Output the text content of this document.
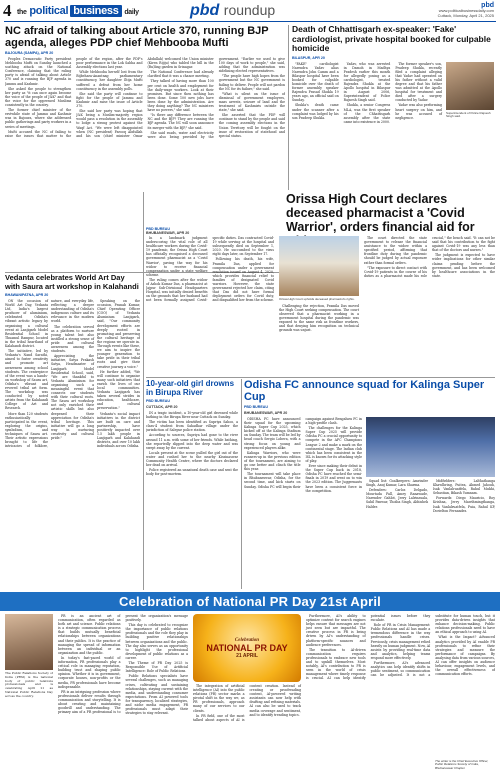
4 the political business daily	pbd roundup	pbd
www.politicalbusinessdaily.com
Cuttack, Monday, April 21, 2025
NC afraid of talking about Article 370, running BJP agenda, alleges PDP chief Mehbooba Mufti
BAJOURA (SAMPA), APR 20

Peoples Democratic Party president Mehbooba Mufti on Sunday launched a scathing attack on the National Conference, claiming that the ruling party is afraid of talking about Article 370 and is running the BJP agenda in Jammu and Kashmir.

She asked the people to strengthen her party as "it can once again become the voice of the people of J&K" and that the voice for the oppressed Muslims consistently in the country.

The former chief minister of the erstwhile state of Jammu and Kashmir was in Bajoura, where she addressed public gatherings and party workers in a series of meetings.

Mufti accused the NC of failing to raise the issues that matter to the people of the region, after the PDP's poor performance in the Lok Sabha and Assembly elections last year.

While Mehbooba herself lost from the Bijbehara-Anantnag parliamentary constituency, her daughter Iltija Mufti suffered a defeat from her home constituency in the assembly polls.

She said the party will continue to fight for the people of Jammu and Kashmir and raise the issue of Article 370.

She said her party was hoping that J&K being a Muslim-majority region would pass a resolution in the assembly to lodge a strong protest against the Waqf Act. "We were left disappointed when (NC president) Farooq Abdullah and his son (chief minister Omar Abdullah) welcomed the Union minister (Kiren Rijiju) who tabled the bill in the (Ru)ling garden in Srinagar.

The National Conference had already clarified that it was a chance meeting.

They talked of having more than 100 per cent on health and employment for the daily-wage workers. Look at their promises. But since then nothing has been done. Some 100 new jobs have been done by the administration. Are they doing anything? The NC ministers have no powers," she said.

"Is there any difference between the NC and the BJP? They are running the BJP agenda. The NC will soon announce its merger with the BJP," she said.

She said roads, water and electricity were also being provided by the government. "Earlier we used to give 100 days of work to people," she said, adding that the administration was sidelining elected representatives.

"The people have high hopes from the government but the NC government is failing to deliver. People will not pardon the NC for its failure," she said.

"What is silent on the issue of dismissal of government employees, mass arrests, seizure of land and the treatment of Kashmiris outside the state," she said.

She asserted that the PDP will continue to stand by the people and said the coming assembly elections in the Union Territory will be fought on the issue of restoration of statehood and special status.

Death of Chhattisgarh ex-speaker: 'Fake' cardiologist, private hospital booked for culpable homicide
BILASPUR, APR 20

"FAKE" cardiologist Narendra Yadav alias Narendra John Camm and a Bilaspur hospital have been booked for culpable homicide over the death of former assembly speaker Rajendra Prasad Shukla 19 years ago, an official said on Sunday.

Shukla's death came under the scanner after a complaint was lodged by his son Pradeep Shukla.

Yadav, who was arrested in Damoh in Madhya Pradesh earlier this month for allegedly posing as a cardiologist, treated Rajendra Shukla at the Apollo hospital in Bilaspur in August 2006, Superintendent of Police Rajnesh Singh said.

Shukla, a senior Congress MLA, was the first speaker of the Chhattisgarh assembly after the state came into existence in 2000.

The former speaker's son, Pradeep Shukla, recently filed a complaint alleging that Yadav had operated on his father without a valid degree and that his father was admitted at the Apollo hospital for treatment and died after a surgery conducted by Yadav.

Yadav was also performing heart surgery on him, and he was accused of negligence.

Superintendent of Police Rajnesh Singh said.
Vedanta celebrates World Art Day with Saura art workshop in Kalahandi
BHAWANIPATNA, APR 20

ON the occasion of World Art Day, Vedanta Ltd, India's largest producer of aluminium, celebrated Odisha's vibrant artistic legacy by organising a cultural event at Lanjigarh Model Residential School in Thuamul Rampur, located in the tribal heartland of Kalahandi district.

The initiative, led by Vedanta's Nand Sarathi, aimed to foster creativity and promote art awareness among school students. The centrepiece of the event was a hands-on workshop of Saura art, Odisha's vibrant and revered tribal art form. The workshop was conducted by noted artists from the Kalahandi College of Art and Research.

More than 120 students enthusiastically participated in the event, exploring the origins, symbolism, and techniques of Saura art. Their artistic expressions brought to life the intricacies of folklore, nature, and everyday life, reflecting a deeper understanding of Odisha's indigenous culture and its relevance in the modern world.

The celebration served as a platform to nurture young talent but also instilled a strong sense of pride and cultural awareness among the students.

Appreciating the initiative, Satya Prakash Satya, Headmaster of Lanjigarh Model Residential School, said, "We are thankful to Vedanta Aluminium for organising such a meaningful event that connects our students with their cultural roots. The Saura art workshop not only enriched their artistic skills but also deepened their appreciation for Odisha's tribal heritage. This initiative will go a long way in nurturing creativity and cultural pride."

Speaking on the occasion, Pranab Kumar, Chief Operating Officer (COO) of Vedanta Aluminium Lanjigarh, said, "Our community development efforts are deeply rooted in promoting and preserving the cultural heritage of the regions we operate in. Through events like these, we aim to inspire the younger generation to take pride in their tribal roots and give their creative journey a voice."

He further added, "We will continue to organise many such initiatives that enrich the lives of our local communities. Vedanta Lanjigarh has taken several strides in education, healthcare, and cultural preservation."

Vedanta's social impact initiatives in the district are built on care and partnership, have positively impacted over 1.5 lakh people in Lanjigarh and Kalahandi districts, and over 10 lakh individuals across Odisha.

Orissa High Court declares deceased pharmacist a 'Covid Warrior', orders financial aid for
PBD BUREAU
BHUBANESWAR, APR 20

In a landmark judgment underscoring the vital role of all healthcare workers during the Covid-19 pandemic, the Orissa High Court has officially recognised a deceased government pharmacist as a 'Covid Warrior', paving the way for his widow to receive financial compensation under a state welfare scheme.

The ruling comes after the widow of Ashok Kumar Das, a pharmacist at Jajpur Sub-Divisional Headquarters Hospital, was initially denied benefits on the grounds that her husband had not been formally assigned Covid-specific duties. Das contracted Covid-19 while serving at the hospital and subsequently died on September 1, 2020. He succumbed to the virus eight days later, on September 17.

Following his death, his wife, Pramila Das, applied for compensation under a government resolution issued on August 4, 2020, which provides financial relief to families of designated Covid warriors. However, the state government rejected her claim, citing that Das did not have formal deployment orders for Covid duty, and disqualified her from the scheme. Orissa High Court upholds deceased pharmacist's rights.

Challenging the rejection, Pramila Das moved the High Court seeking compensation. The court observed that a pharmacist working in a government hospital during the pandemic was exposed to the same risk as frontline workers, and that denying him recognition on technical grounds was unjust.

The court directed the state government to release the financial assistance to the widow within a specified period, affirming that frontline duty during the pandemic should be judged by actual exposure rather than formal orders.

"The exposure to direct contact with Covid-19 patients in the course of his duties as a pharmacist made his role crucial," the bench said. "It can not be said that his contribution to the fight against Covid-19 was any less than that of the doctors and nurses."

The judgment is expected to have wider implications for other similar claims pending before the government, and has been welcomed by healthcare associations in the state.

10-year-old girl drowns in Birupa River
PBD BUREAU
CUTTACK, APR 20

IN a tragic incident, a 10-year-old girl drowned while bathing in the Birupa River near Cuttack on Sunday.

The victim has been identified as Supriya Sahoo, a class-4 student from Sahadhar village under the jurisdiction of Salepur police station.

According to sources, Supriya had gone to the river around 11 a.m. with some of her friends. While bathing, she reportedly slipped into the deep water and was swept away by the current.

Locals present at the scene pulled the girl out of the water and rushed her to the nearby Kissinaswar Community Health Centre, where the doctors declared her dead on arrival.

Police registered an unnatural death case and sent the body for post-mortem.

Odisha FC announce squad for Kalinga Super Cup
PBD BUREAU
BHUBANESWAR, APR 20

ODISHA FC have announced their squad for the upcoming Kalinga Super Cup 2025, which kicked off at the Kalinga Stadium on Sunday. The team will be led by head coach Sergio Lobera, with a strong focus on young and experienced players alike.

Kalinga Warriors, who were runners-up in the previous edition of the tournament, are aiming to go one better and clinch the title this year.

The tournament will take place in Bhubaneswar, Odisha, for the second time, and kick starts on Sunday. Odisha FC will begin their campaign against Bengaluru FC in a high-profile clash.

The challenges for the Kalinga Super Cup 2025 will provide Odisha FC a crucial opportunity to compete in the AFC Champions League 2 and make a mark on the continental stage. The Indian club which has been consistent in the ISL is known for its attacking style of play.

Ever since making their debut in the Super Cup back in 2018, Odisha FC have reached the semi-finals in 2019 and went on to win the 2023 edition. The Juggernauts have been a consistent force in the competition.

Squad list: Goalkeepers: Amrinder Singh, Anuj Kumar, Lara Sharma.

Defenders: Carlos Delgado, Mourtada Fall, Amey Ranawade, Narender Gahlot, Jerry Lalrinzuala, Sahil Panwar, Thoiba Singh, Abhishek Halder.

Midfielders: Lalthathanga Khawlhring, Puitea, Ahmed Jahouh, Isak Vanlalruatfela, Rahul Mukhi, Sebastian, Bikash Yumnam.

Forwards: Diego Mauricio, Roy Krishna, Jerry Mawihmingthanga, Isak Vanlalruatfela, Puia, Rahul KP, Dorielton Fernandes.

Celebration of National PR Day 21st April
The Public Relations Society of India (PRSI) is the national body of public relations professionals and is celebrating April 21 as National Public Relations Day across the country.

PR is an ancient art of communication, often regarded as both art and science. Public relations is a strategic communication process that builds mutually beneficial relationships between organizations and their publics. It is the practice of managing the spread of information between an individual or an organization and the public.

In today's fast-paced world of information, PR professionals play a critical role in managing reputation, building trust and shaping public opinion. Whether it is in government, corporate houses, non-profits or the media, PR professionals have become indispensable.

PR is an intriguing profession where professionals deliver results through communication and storytelling. It is about creating and maintaining goodwill and understanding. The primary aim of a PR professional is to present the organization's message positively.

This day is celebrated to recognize the importance of public relations professionals and the role they play in building positive relationships between organizations and the public. The day also serves as an opportunity to highlight the professional development of public relations as a career.

The Theme of PR Day 2025 is Responsible Use of Artificial Intelligence: Role of Public Relations.

Public Relations specialists have several challenges, such as managing crises, cultivating and sustaining relationships, staying current with the media, and understanding consumer expectations. From AI powered tools for transparency, localised strategies, and niche media engagement, PR professionals must adapt their strategies to stay relevant.

Celebration
NATIONAL PR DAY
21 APRIL

The integration of artificial intelligence (AI) into the public relations (PR) sector marks a pivotal shift in the way we, as PR professionals, approach many of our services to our clients.

In PR field, one of the most talked about aspects of AI is content creation. Instead of creating or proofreading content, AI-powered writing assistants can now help with drafting and refining materials. AI can also be used to track media coverage and sentiment, and to identify trending topics.

Furthermore, AI's ability to optimize content for search engines helps ensure that messages are not just seen but are impactful. The creative process in PR is being driven by AI's understanding of platform-specific nuances and audience preferences.

The transition to AI-driven communication requires professionals to embrace new tools and to upskill themselves. Most notably, AI's contribution to PR is seen in the world of crisis management where timely response is crucial. AI can help identify potential issues before they escalate.

Role of PR in Crisis Management: Public Relations and AI has made a tremendous difference in the way professionals handle crises. Previously, crisis management relied heavily on human judgment. Now, AI assists by providing real-time data and analytics, helping teams respond more effectively.

Furthermore, AI's advanced analytics can help identify shifts in public sentiment, so communication can be adjusted. It is not a substitute for human touch, but it provides data-driven insights that enhance decision-making. Public relations professionals need to have an ethical approach to using AI.

What is the Impact? Advanced analytics provided by AI enable PR professionals to refine their strategies and measure the performance of campaigns. By analysing data from various sources, AI can offer insights on audience behaviour, engagement levels, and the overall effectiveness of communication efforts.

The writer is the Chief Executive Officer, Public Relations Society of India, Bhubaneswar Chapter
